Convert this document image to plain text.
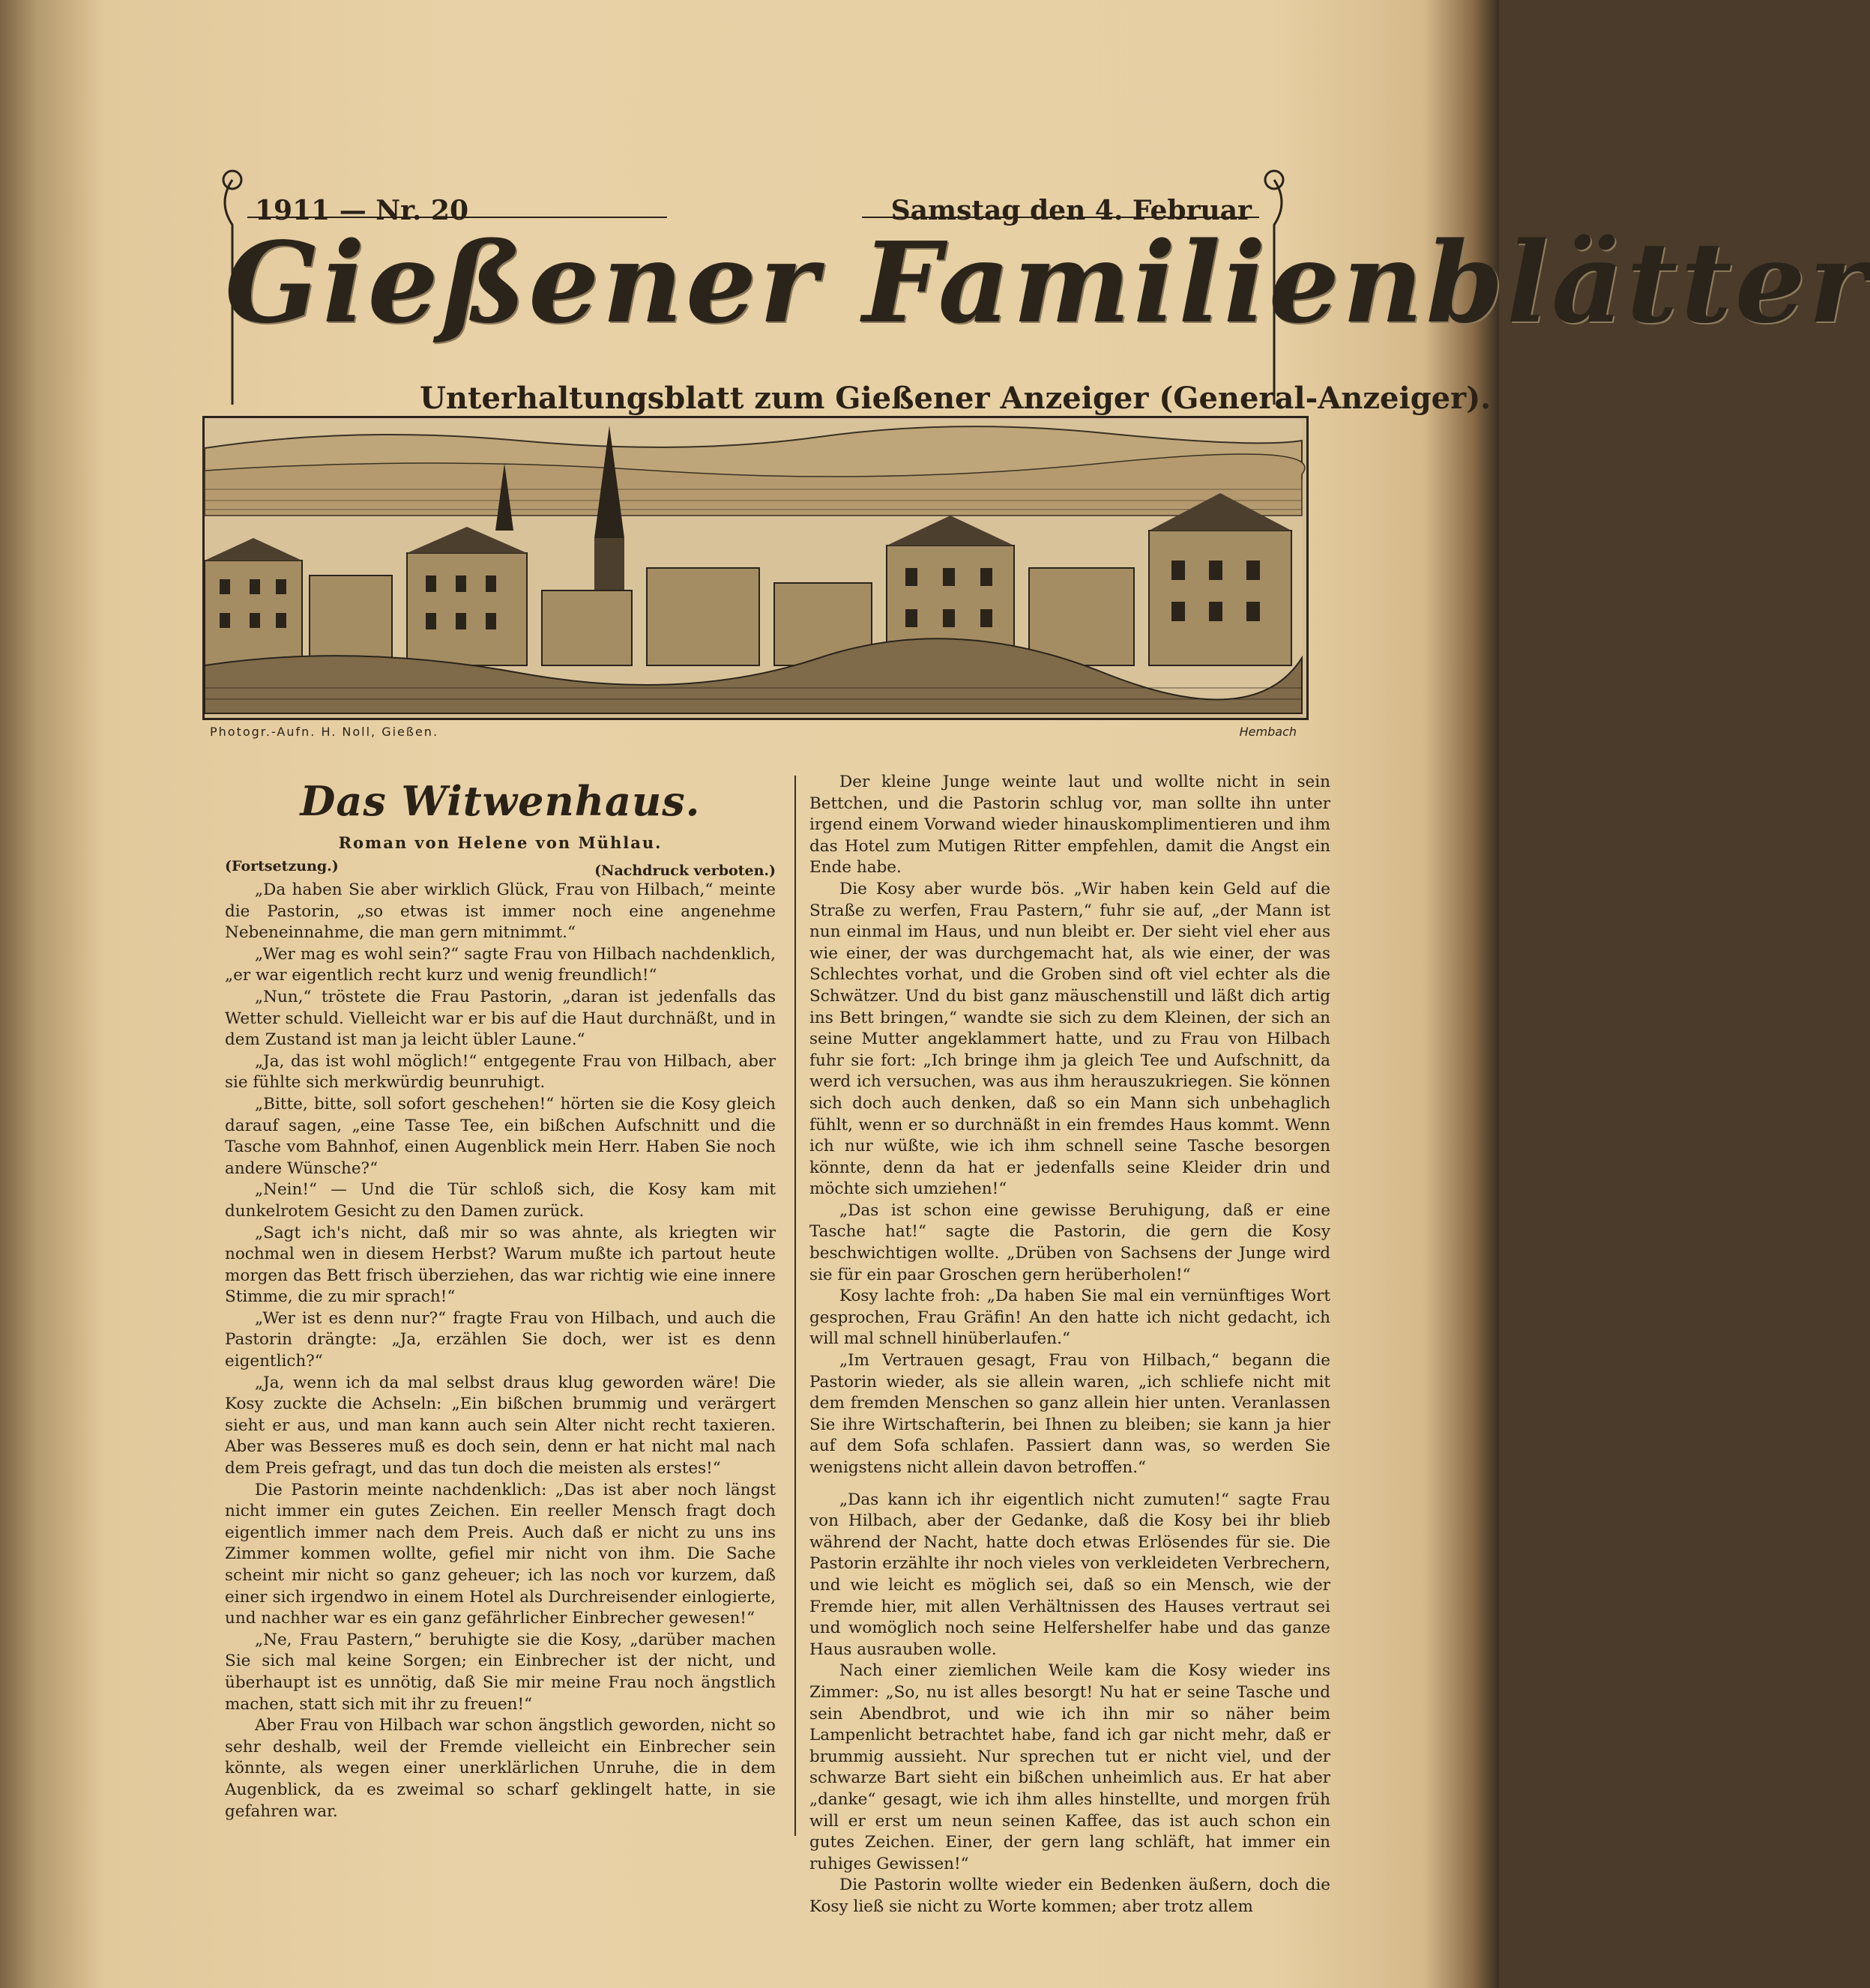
1911 — Nr. 20	Samstag den 4. Februar
Gießener Familienblätter
Unterhaltungsblatt zum Gießener Anzeiger (General-Anzeiger).
Photogr.-Aufn. H. Noll, Gießen.	Hembach
Das Witwenhaus.
Roman von Helene von Mühlau.
(Fortsetzung.)	(Nachdruck verboten.)

„Da haben Sie aber wirklich Glück, Frau von Hilbach,“ meinte die Pastorin, „so etwas ist immer noch eine angenehme Nebeneinnahme, die man gern mitnimmt.“

„Wer mag es wohl sein?“ sagte Frau von Hilbach nachdenklich, „er war eigentlich recht kurz und wenig freundlich!“

„Nun,“ tröstete die Frau Pastorin, „daran ist jedenfalls das Wetter schuld. Vielleicht war er bis auf die Haut durchnäßt, und in dem Zustand ist man ja leicht übler Laune.“

„Ja, das ist wohl möglich!“ entgegente Frau von Hilbach, aber sie fühlte sich merkwürdig beunruhigt.

„Bitte, bitte, soll sofort geschehen!“ hörten sie die Kosy gleich darauf sagen, „eine Tasse Tee, ein bißchen Aufschnitt und die Tasche vom Bahnhof, einen Augenblick mein Herr. Haben Sie noch andere Wünsche?“

„Nein!“ — Und die Tür schloß sich, die Kosy kam mit dunkelrotem Gesicht zu den Damen zurück.

„Sagt ich's nicht, daß mir so was ahnte, als kriegten wir nochmal wen in diesem Herbst? Warum mußte ich partout heute morgen das Bett frisch überziehen, das war richtig wie eine innere Stimme, die zu mir sprach!“

„Wer ist es denn nur?“ fragte Frau von Hilbach, und auch die Pastorin drängte: „Ja, erzählen Sie doch, wer ist es denn eigentlich?“

„Ja, wenn ich da mal selbst draus klug geworden wäre! Die Kosy zuckte die Achseln: „Ein bißchen brummig und verärgert sieht er aus, und man kann auch sein Alter nicht recht taxieren. Aber was Besseres muß es doch sein, denn er hat nicht mal nach dem Preis gefragt, und das tun doch die meisten als erstes!“

Die Pastorin meinte nachdenklich: „Das ist aber noch längst nicht immer ein gutes Zeichen. Ein reeller Mensch fragt doch eigentlich immer nach dem Preis. Auch daß er nicht zu uns ins Zimmer kommen wollte, gefiel mir nicht von ihm. Die Sache scheint mir nicht so ganz geheuer; ich las noch vor kurzem, daß einer sich irgendwo in einem Hotel als Durchreisender einlogierte, und nachher war es ein ganz gefährlicher Einbrecher gewesen!“

„Ne, Frau Pastern,“ beruhigte sie die Kosy, „darüber machen Sie sich mal keine Sorgen; ein Einbrecher ist der nicht, und überhaupt ist es unnötig, daß Sie mir meine Frau noch ängstlich machen, statt sich mit ihr zu freuen!“

Aber Frau von Hilbach war schon ängstlich geworden, nicht so sehr deshalb, weil der Fremde vielleicht ein Einbrecher sein könnte, als wegen einer unerklärlichen Unruhe, die in dem Augenblick, da es zweimal so scharf geklingelt hatte, in sie gefahren war.

Der kleine Junge weinte laut und wollte nicht in sein Bettchen, und die Pastorin schlug vor, man sollte ihn unter irgend einem Vorwand wieder hinauskomplimentieren und ihm das Hotel zum Mutigen Ritter empfehlen, damit die Angst ein Ende habe.

Die Kosy aber wurde bös. „Wir haben kein Geld auf die Straße zu werfen, Frau Pastern,“ fuhr sie auf, „der Mann ist nun einmal im Haus, und nun bleibt er. Der sieht viel eher aus wie einer, der was durchgemacht hat, als wie einer, der was Schlechtes vorhat, und die Groben sind oft viel echter als die Schwätzer. Und du bist ganz mäuschenstill und läßt dich artig ins Bett bringen,“ wandte sie sich zu dem Kleinen, der sich an seine Mutter angeklammert hatte, und zu Frau von Hilbach fuhr sie fort: „Ich bringe ihm ja gleich Tee und Aufschnitt, da werd ich versuchen, was aus ihm herauszukriegen. Sie können sich doch auch denken, daß so ein Mann sich unbehaglich fühlt, wenn er so durchnäßt in ein fremdes Haus kommt. Wenn ich nur wüßte, wie ich ihm schnell seine Tasche besorgen könnte, denn da hat er jedenfalls seine Kleider drin und möchte sich umziehen!“

„Das ist schon eine gewisse Beruhigung, daß er eine Tasche hat!“ sagte die Pastorin, die gern die Kosy beschwichtigen wollte. „Drüben von Sachsens der Junge wird sie für ein paar Groschen gern herüberholen!“

Kosy lachte froh: „Da haben Sie mal ein vernünftiges Wort gesprochen, Frau Gräfin! An den hatte ich nicht gedacht, ich will mal schnell hinüberlaufen.“

„Im Vertrauen gesagt, Frau von Hilbach,“ begann die Pastorin wieder, als sie allein waren, „ich schliefe nicht mit dem fremden Menschen so ganz allein hier unten. Veranlassen Sie ihre Wirtschafterin, bei Ihnen zu bleiben; sie kann ja hier auf dem Sofa schlafen. Passiert dann was, so werden Sie wenigstens nicht allein davon betroffen.“

„Das kann ich ihr eigentlich nicht zumuten!“ sagte Frau von Hilbach, aber der Gedanke, daß die Kosy bei ihr blieb während der Nacht, hatte doch etwas Erlösendes für sie. Die Pastorin erzählte ihr noch vieles von verkleideten Verbrechern, und wie leicht es möglich sei, daß so ein Mensch, wie der Fremde hier, mit allen Verhältnissen des Hauses vertraut sei und womöglich noch seine Helfershelfer habe und das ganze Haus ausrauben wolle.

Nach einer ziemlichen Weile kam die Kosy wieder ins Zimmer: „So, nu ist alles besorgt! Nu hat er seine Tasche und sein Abendbrot, und wie ich ihn mir so näher beim Lampenlicht betrachtet habe, fand ich gar nicht mehr, daß er brummig aussieht. Nur sprechen tut er nicht viel, und der schwarze Bart sieht ein bißchen unheimlich aus. Er hat aber „danke“ gesagt, wie ich ihm alles hinstellte, und morgen früh will er erst um neun seinen Kaffee, das ist auch schon ein gutes Zeichen. Einer, der gern lang schläft, hat immer ein ruhiges Gewissen!“

Die Pastorin wollte wieder ein Bedenken äußern, doch die Kosy ließ sie nicht zu Worte kommen; aber trotz allem
